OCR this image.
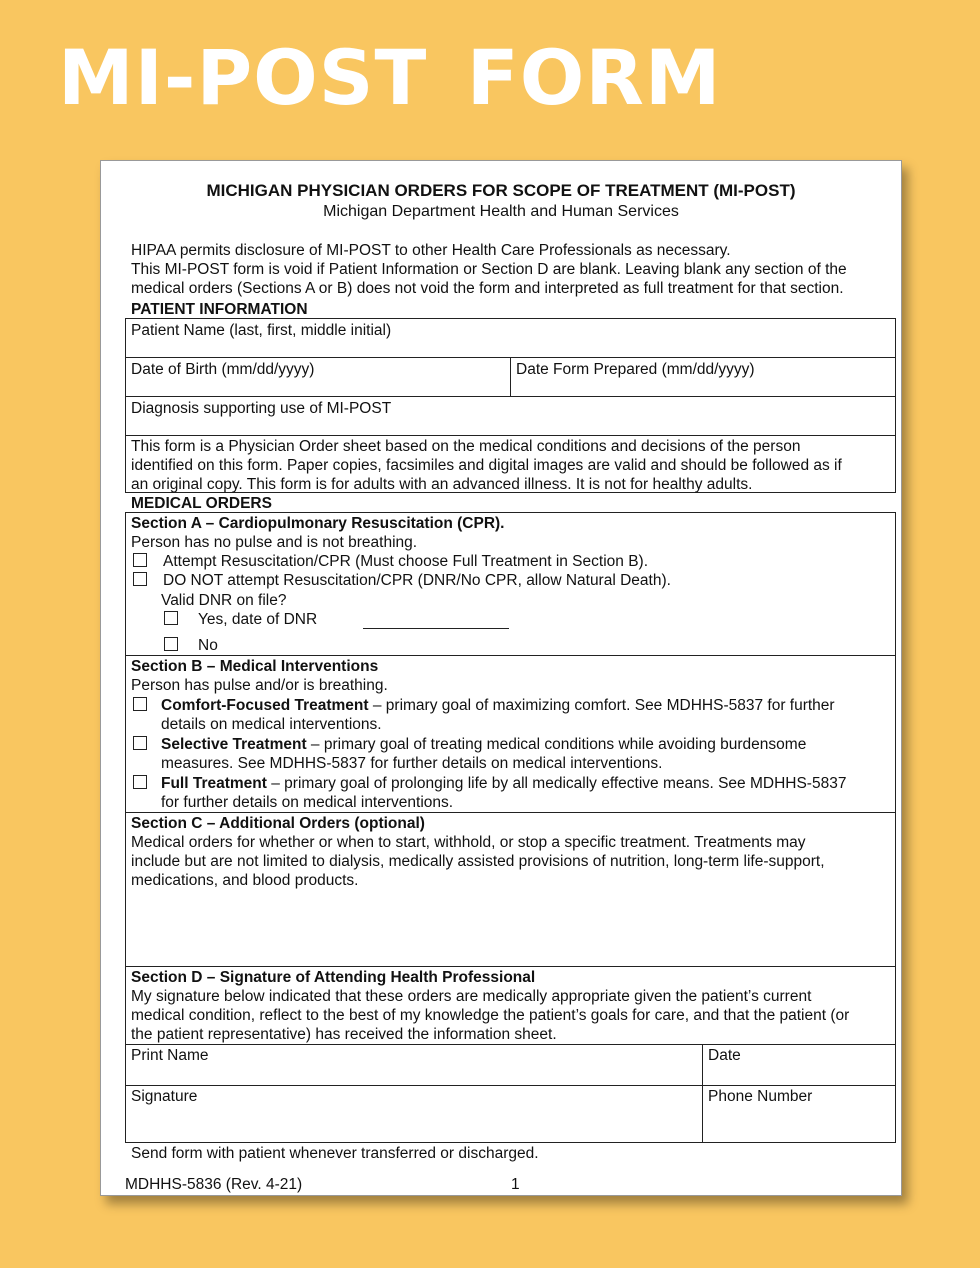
MI-POST FORM
MICHIGAN PHYSICIAN ORDERS FOR SCOPE OF TREATMENT (MI-POST)
Michigan Department Health and Human Services
HIPAA permits disclosure of MI-POST to other Health Care Professionals as necessary.
This MI-POST form is void if Patient Information or Section D are blank. Leaving blank any section of the
medical orders (Sections A or B) does not void the form and interpreted as full treatment for that section.
PATIENT INFORMATION
Patient Name (last, first, middle initial)
Date of Birth (mm/dd/yyyy)	Date Form Prepared (mm/dd/yyyy)
Diagnosis supporting use of MI-POST
This form is a Physician Order sheet based on the medical conditions and decisions of the person
identified on this form. Paper copies, facsimiles and digital images are valid and should be followed as if
an original copy. This form is for adults with an advanced illness. It is not for healthy adults.
MEDICAL ORDERS
Section A – Cardiopulmonary Resuscitation (CPR).
Person has no pulse and is not breathing.
Attempt Resuscitation/CPR (Must choose Full Treatment in Section B).
DO NOT attempt Resuscitation/CPR (DNR/No CPR, allow Natural Death).
Valid DNR on file?
Yes, date of DNR
No
Section B – Medical Interventions
Person has pulse and/or is breathing.
Comfort-Focused Treatment – primary goal of maximizing comfort. See MDHHS-5837 for further
details on medical interventions.
Selective Treatment – primary goal of treating medical conditions while avoiding burdensome
measures. See MDHHS-5837 for further details on medical interventions.
Full Treatment – primary goal of prolonging life by all medically effective means. See MDHHS-5837
for further details on medical interventions.
Section C – Additional Orders (optional)
Medical orders for whether or when to start, withhold, or stop a specific treatment. Treatments may
include but are not limited to dialysis, medically assisted provisions of nutrition, long-term life-support,
medications, and blood products.
Section D – Signature of Attending Health Professional
My signature below indicated that these orders are medically appropriate given the patient’s current
medical condition, reflect to the best of my knowledge the patient’s goals for care, and that the patient (or
the patient representative) has received the information sheet.
Print Name	Date
Signature	Phone Number
Send form with patient whenever transferred or discharged.
MDHHS-5836 (Rev. 4-21)	1
